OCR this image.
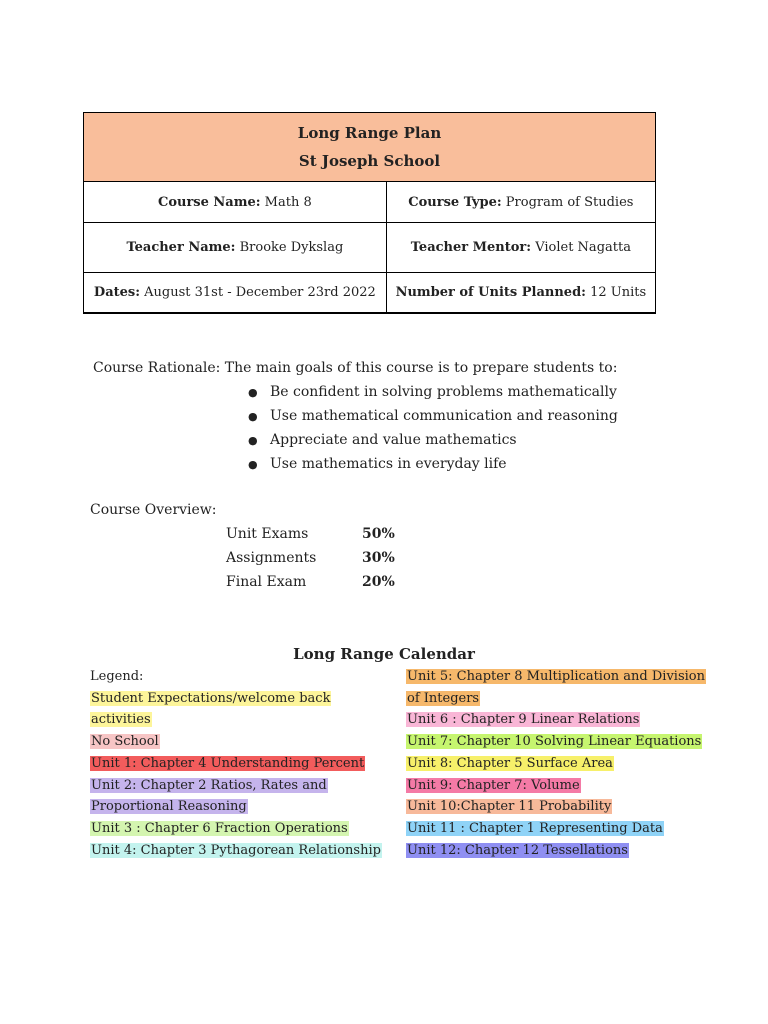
Long Range Plan
St Joseph School	

Course Name: Math 8	Course Type: Program of Studies
Teacher Name: Brooke Dykslag	Teacher Mentor: Violet Nagatta
Dates: August 31st - December 23rd 2022	Number of Units Planned: 12 Units
Course Rationale: The main goals of this course is to prepare students to:
● Be confident in solving problems mathematically
● Use mathematical communication and reasoning
● Appreciate and value mathematics
● Use mathematics in everyday life
Course Overview:
Unit Exams	50%
Assignments	30%
Final Exam	20%
Long Range Calendar
Legend:
Student Expectations/welcome back activities
No School
Unit 1: Chapter 4 Understanding Percent
Unit 2: Chapter 2 Ratios, Rates and Proportional Reasoning
Unit 3 : Chapter 6 Fraction Operations
Unit 4: Chapter 3 Pythagorean Relationship
Unit 5: Chapter 8 Multiplication and Division of Integers
Unit 6 : Chapter 9 Linear Relations
Unit 7: Chapter 10 Solving Linear Equations
Unit 8: Chapter 5 Surface Area
Unit 9: Chapter 7: Volume
Unit 10:Chapter 11 Probability
Unit 11 : Chapter 1 Representing Data
Unit 12: Chapter 12 Tessellations
